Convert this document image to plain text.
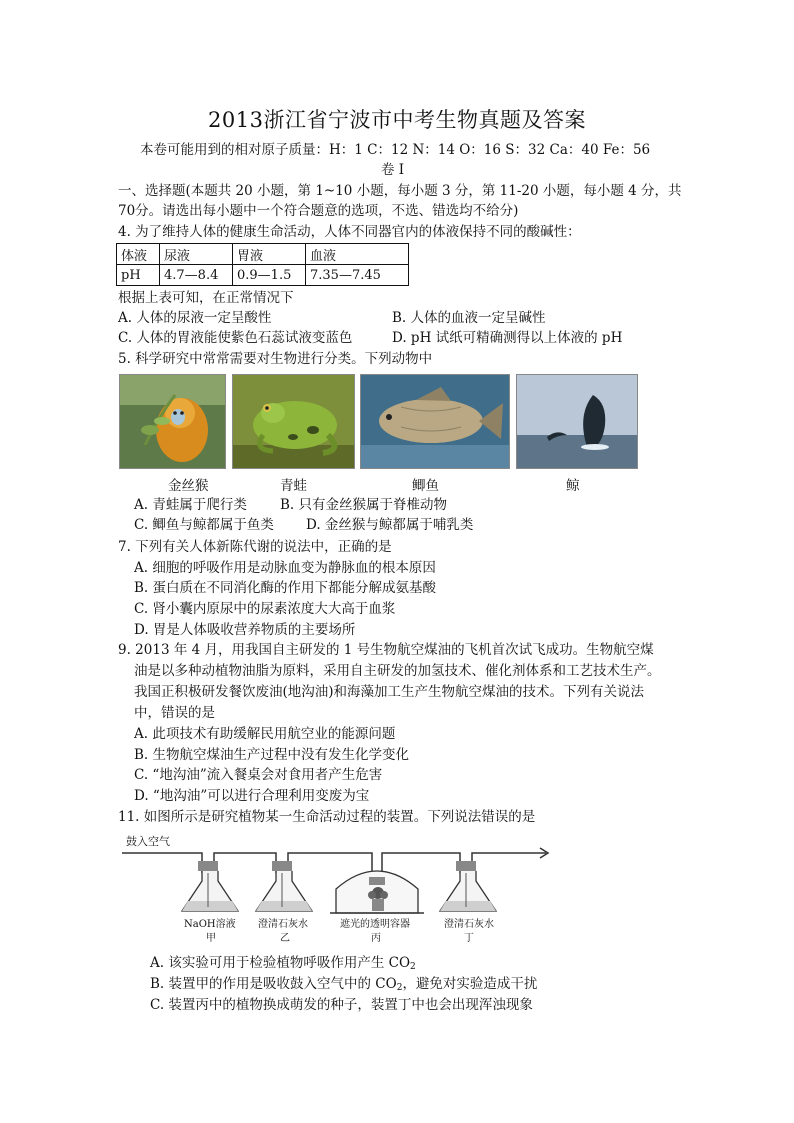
2013浙江省宁波市中考生物真题及答案
本卷可能用到的相对原子质量：H：1 C：12 N：14 O：16 S：32 Ca：40 Fe：56
卷 I
一、选择题(本题共 20 小题，第 1~10 小题，每小题 3 分，第 11-20 小题，每小题 4 分，共
70分。请选出每小题中一个符合题意的选项，不选、错选均不给分)
4. 为了维持人体的健康生命活动，人体不同器官内的体液保持不同的酸碱性：
体液	尿液	胃液	血液
pH	4.7—8.4	0.9—1.5	7.35—7.45
根据上表可知，在正常情况下
A. 人体的尿液一定呈酸性	B. 人体的血液一定呈碱性
C. 人体的胃液能使紫色石蕊试液变蓝色	D. pH 试纸可精确测得以上体液的 pH
5. 科学研究中常常需要对生物进行分类。下列动物中
金丝猴	青蛙	鲫鱼	鲸
A. 青蛙属于爬行类 B. 只有金丝猴属于脊椎动物
C. 鲫鱼与鲸都属于鱼类 D. 金丝猴与鲸都属于哺乳类
7. 下列有关人体新陈代谢的说法中，正确的是
A. 细胞的呼吸作用是动脉血变为静脉血的根本原因
B. 蛋白质在不同消化酶的作用下都能分解成氨基酸
C. 肾小囊内原尿中的尿素浓度大大高于血浆
D. 胃是人体吸收营养物质的主要场所
9. 2013 年 4 月，用我国自主研发的 1 号生物航空煤油的飞机首次试飞成功。生物航空煤
油是以多种动植物油脂为原料，采用自主研发的加氢技术、催化剂体系和工艺技术生产。
我国正积极研发餐饮废油(地沟油)和海藻加工生产生物航空煤油的技术。下列有关说法
中，错误的是
A. 此项技术有助缓解民用航空业的能源问题
B. 生物航空煤油生产过程中没有发生化学变化
C. “地沟油”流入餐桌会对食用者产生危害
D. “地沟油”可以进行合理利用变废为宝
11. 如图所示是研究植物某一生命活动过程的装置。下列说法错误的是
鼓入空气
NaOH溶液 澄清石灰水	遮光的透明容器	澄清石灰水
甲	乙	丙	丁
A. 该实验可用于检验植物呼吸作用产生 $CO_2$
B. 装置甲的作用是吸收鼓入空气中的 $CO_2$，避免对实验造成干扰
C. 装置丙中的植物换成萌发的种子，装置丁中也会出现浑浊现象
